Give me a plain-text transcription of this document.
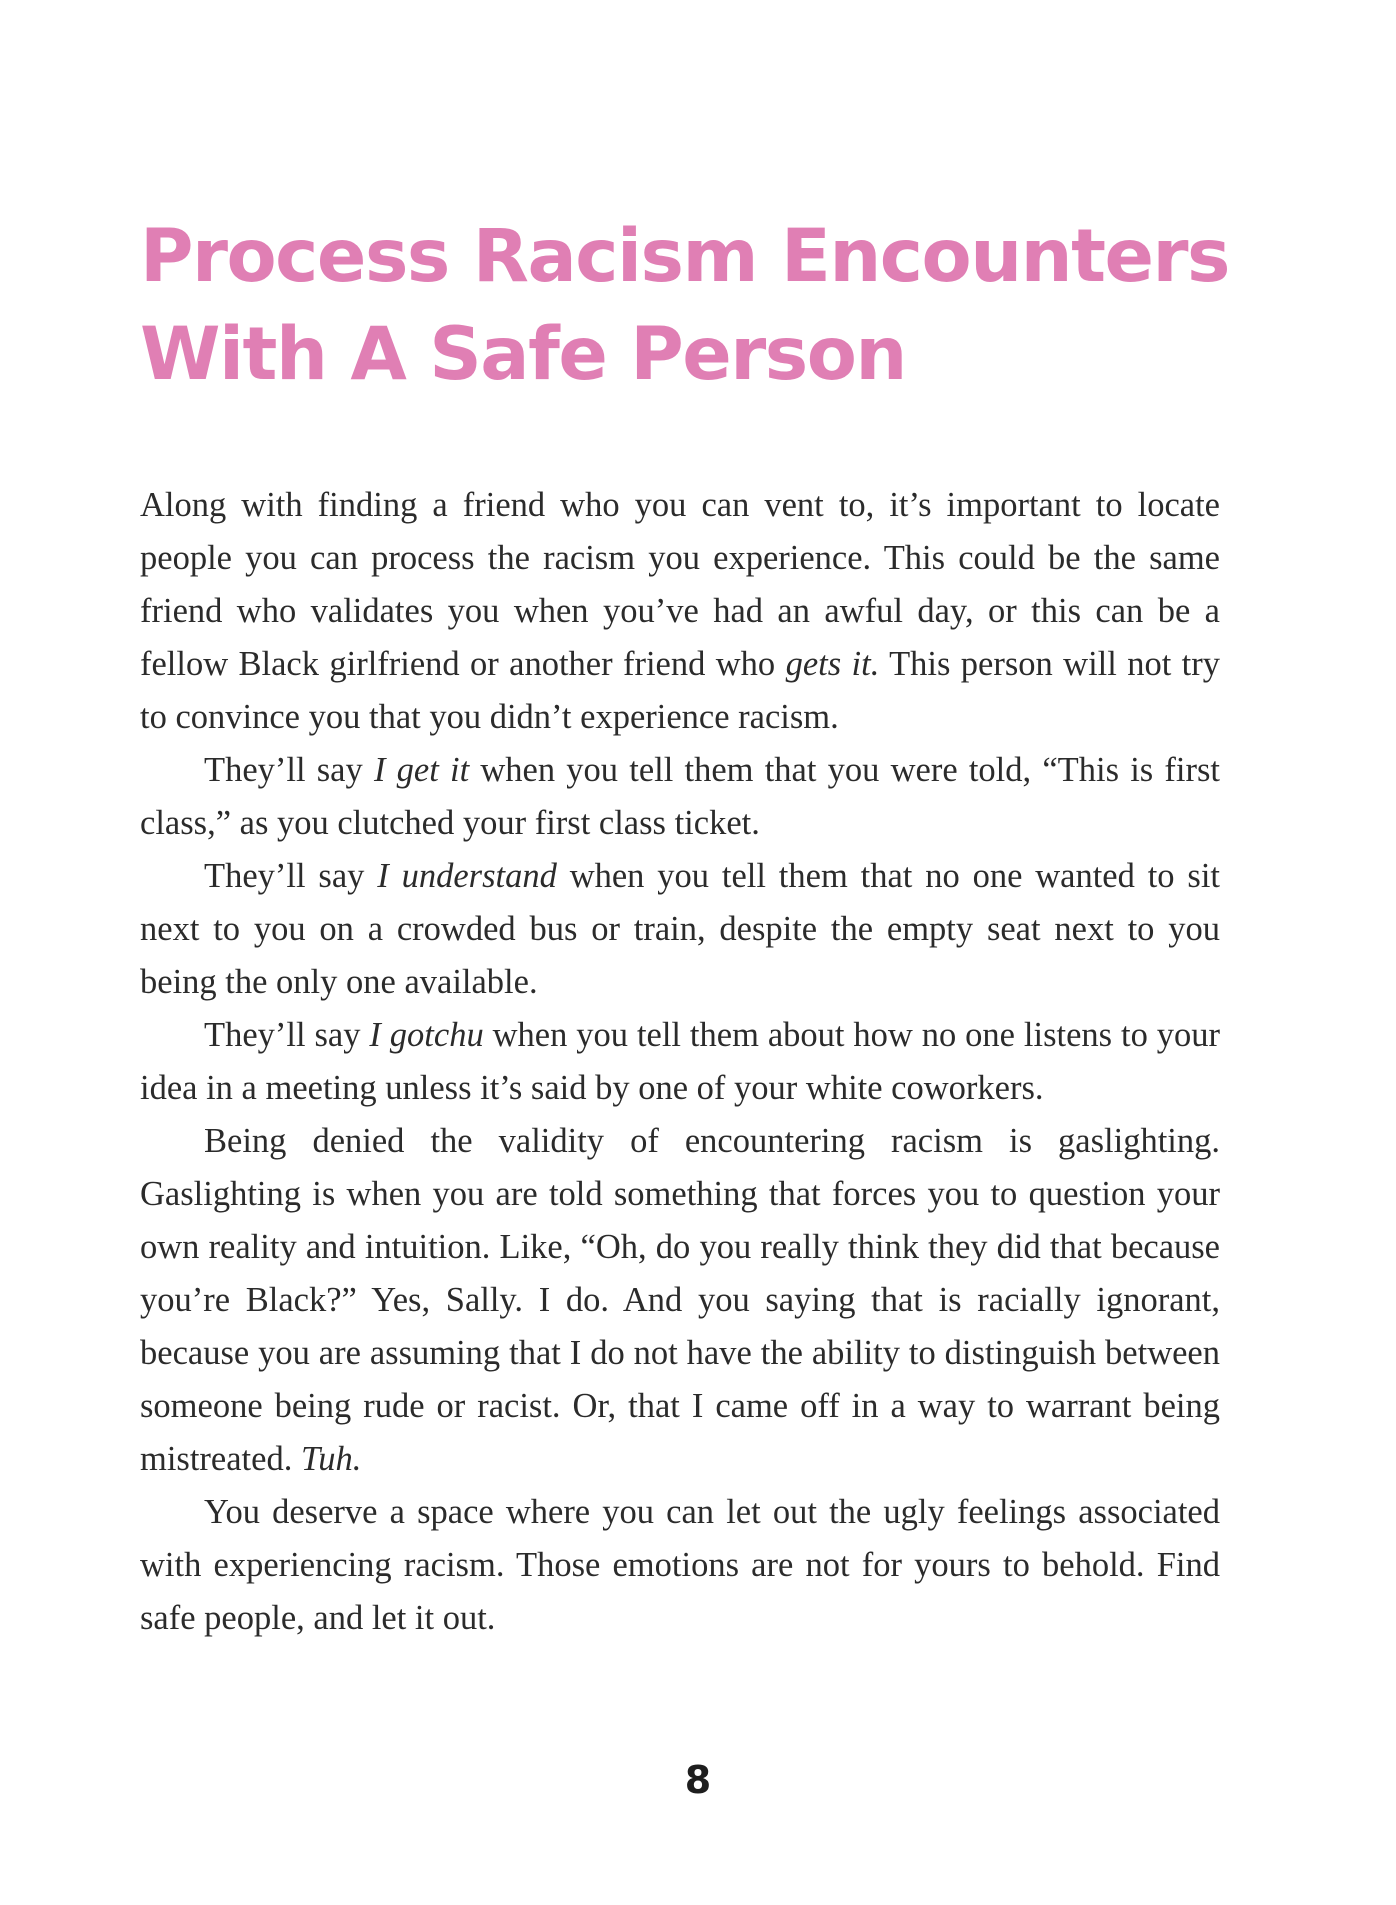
Process Racism Encounters
With A Safe Person

Along with finding a friend who you can vent to, it’s important to locate people you can process the racism you experience. This could be the same friend who validates you when you’ve had an awful day, or this can be a fellow Black girlfriend or another friend who gets it. This person will not try to convince you that you didn’t experience racism.

They’ll say I get it when you tell them that you were told, “This is first class,” as you clutched your first class ticket.

They’ll say I understand when you tell them that no one wanted to sit next to you on a crowded bus or train, despite the empty seat next to you being the only one available.

They’ll say I gotchu when you tell them about how no one listens to your idea in a meeting unless it’s said by one of your white coworkers.

Being denied the validity of encountering racism is gaslighting. Gaslighting is when you are told something that forces you to question your own reality and intuition. Like, “Oh, do you really think they did that because you’re Black?” Yes, Sally. I do. And you saying that is racially ignorant, because you are assuming that I do not have the ability to distinguish between someone being rude or racist. Or, that I came off in a way to warrant being mistreated. Tuh.

You deserve a space where you can let out the ugly feelings associated with experiencing racism. Those emotions are not for yours to behold. Find safe people, and let it out.

8
